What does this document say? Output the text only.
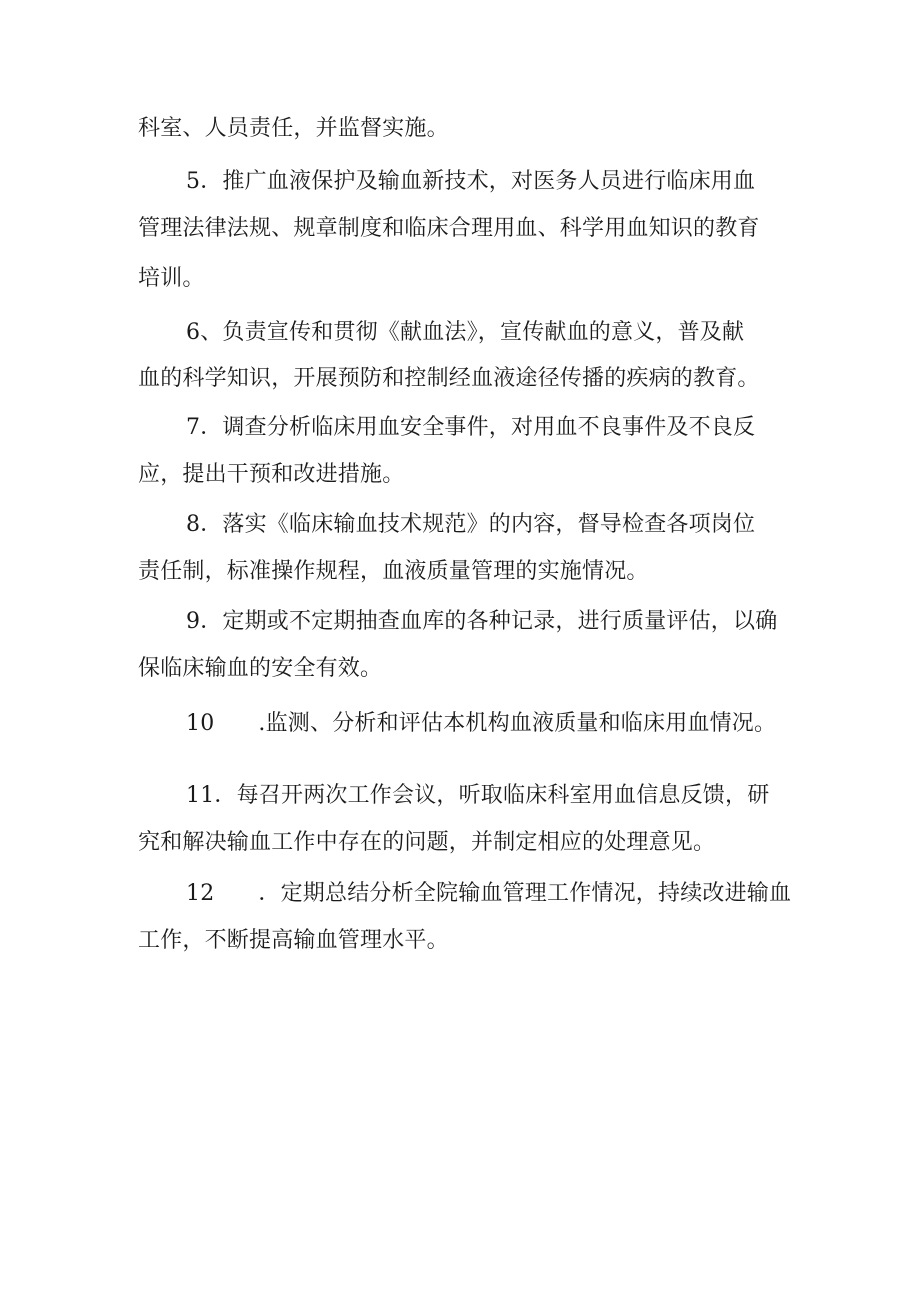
科室、人员责任，并监督实施。
5．推广血液保护及输血新技术，对医务人员进行临床用血
管理法律法规、规章制度和临床合理用血、科学用血知识的教育
培训。
6、负责宣传和贯彻《献血法》，宣传献血的意义，普及献
血的科学知识，开展预防和控制经血液途径传播的疾病的教育。
7．调查分析临床用血安全事件，对用血不良事件及不良反
应，提出干预和改进措施。
8．落实《临床输血技术规范》的内容，督导检查各项岗位
责任制，标准操作规程，血液质量管理的实施情况。
9．定期或不定期抽查血库的各种记录，进行质量评估，以确
保临床输血的安全有效。
10 .监测、分析和评估本机构血液质量和临床用血情况。
11．每召开两次工作会议，听取临床科室用血信息反馈，研
究和解决输血工作中存在的问题，并制定相应的处理意见。
12 ．定期总结分析全院输血管理工作情况，持续改进输血
工作，不断提高输血管理水平。
